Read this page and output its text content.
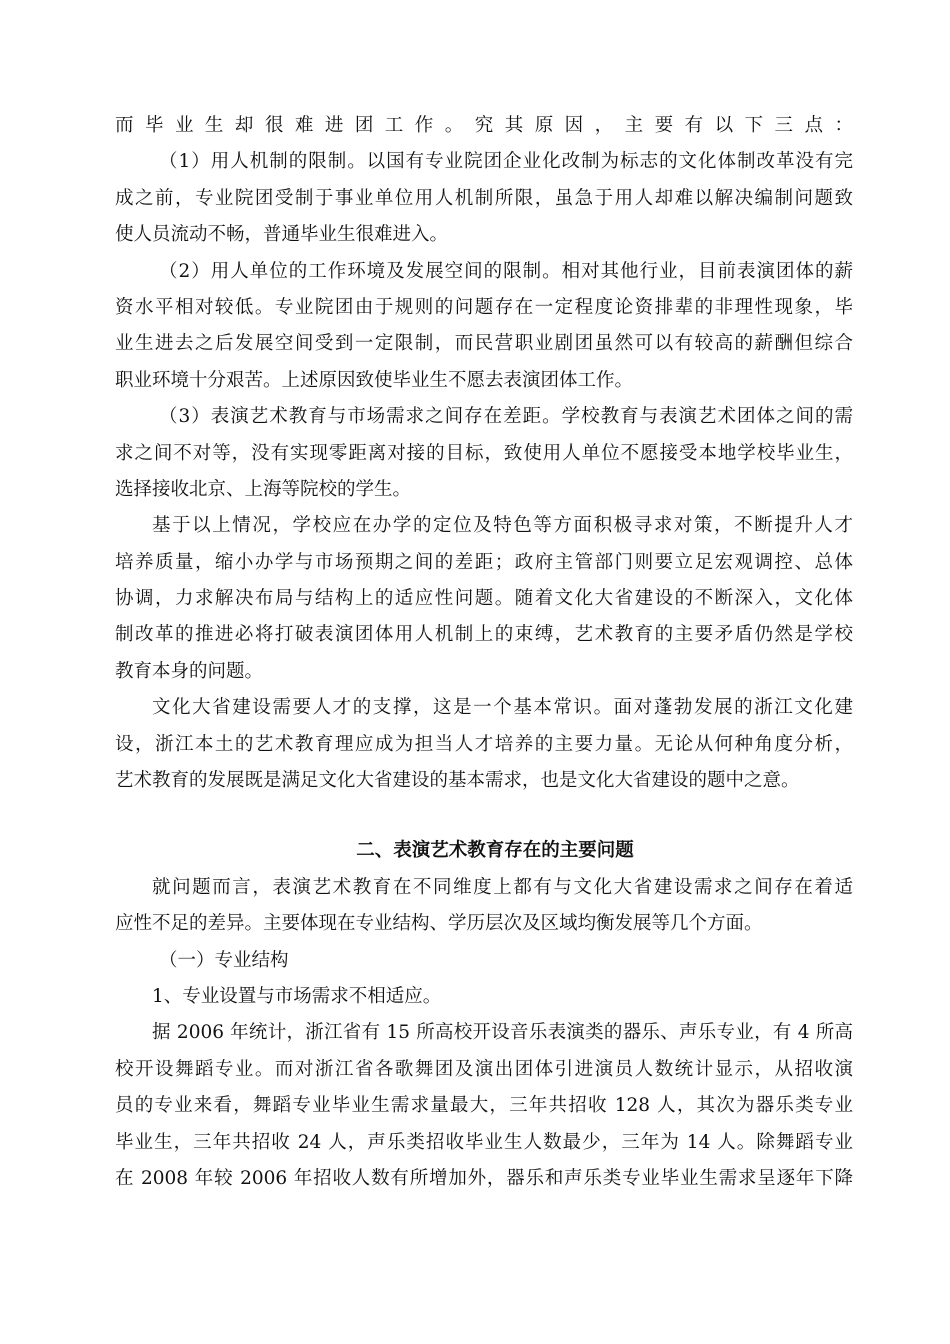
而毕业生却很难进团工作。究其原因，主要有以下三点：
（1）用人机制的限制。以国有专业院团企业化改制为标志的文化体制改革没有完
成之前，专业院团受制于事业单位用人机制所限，虽急于用人却难以解决编制问题致
使人员流动不畅，普通毕业生很难进入。
（2）用人单位的工作环境及发展空间的限制。相对其他行业，目前表演团体的薪
资水平相对较低。专业院团由于规则的问题存在一定程度论资排辈的非理性现象，毕
业生进去之后发展空间受到一定限制，而民营职业剧团虽然可以有较高的薪酬但综合
职业环境十分艰苦。上述原因致使毕业生不愿去表演团体工作。
（3）表演艺术教育与市场需求之间存在差距。学校教育与表演艺术团体之间的需
求之间不对等，没有实现零距离对接的目标，致使用人单位不愿接受本地学校毕业生，
选择接收北京、上海等院校的学生。
基于以上情况，学校应在办学的定位及特色等方面积极寻求对策，不断提升人才
培养质量，缩小办学与市场预期之间的差距；政府主管部门则要立足宏观调控、总体
协调，力求解决布局与结构上的适应性问题。随着文化大省建设的不断深入，文化体
制改革的推进必将打破表演团体用人机制上的束缚，艺术教育的主要矛盾仍然是学校
教育本身的问题。
文化大省建设需要人才的支撑，这是一个基本常识。面对蓬勃发展的浙江文化建
设，浙江本土的艺术教育理应成为担当人才培养的主要力量。无论从何种角度分析，
艺术教育的发展既是满足文化大省建设的基本需求，也是文化大省建设的题中之意。
二、表演艺术教育存在的主要问题
就问题而言，表演艺术教育在不同维度上都有与文化大省建设需求之间存在着适
应性不足的差异。主要体现在专业结构、学历层次及区域均衡发展等几个方面。
（一）专业结构
1、专业设置与市场需求不相适应。
据 2006 年统计，浙江省有 15 所高校开设音乐表演类的器乐、声乐专业，有 4 所高
校开设舞蹈专业。而对浙江省各歌舞团及演出团体引进演员人数统计显示，从招收演
员的专业来看，舞蹈专业毕业生需求量最大，三年共招收 128 人，其次为器乐类专业
毕业生，三年共招收 24 人，声乐类招收毕业生人数最少，三年为 14 人。除舞蹈专业
在 2008 年较 2006 年招收人数有所增加外，器乐和声乐类专业毕业生需求呈逐年下降
